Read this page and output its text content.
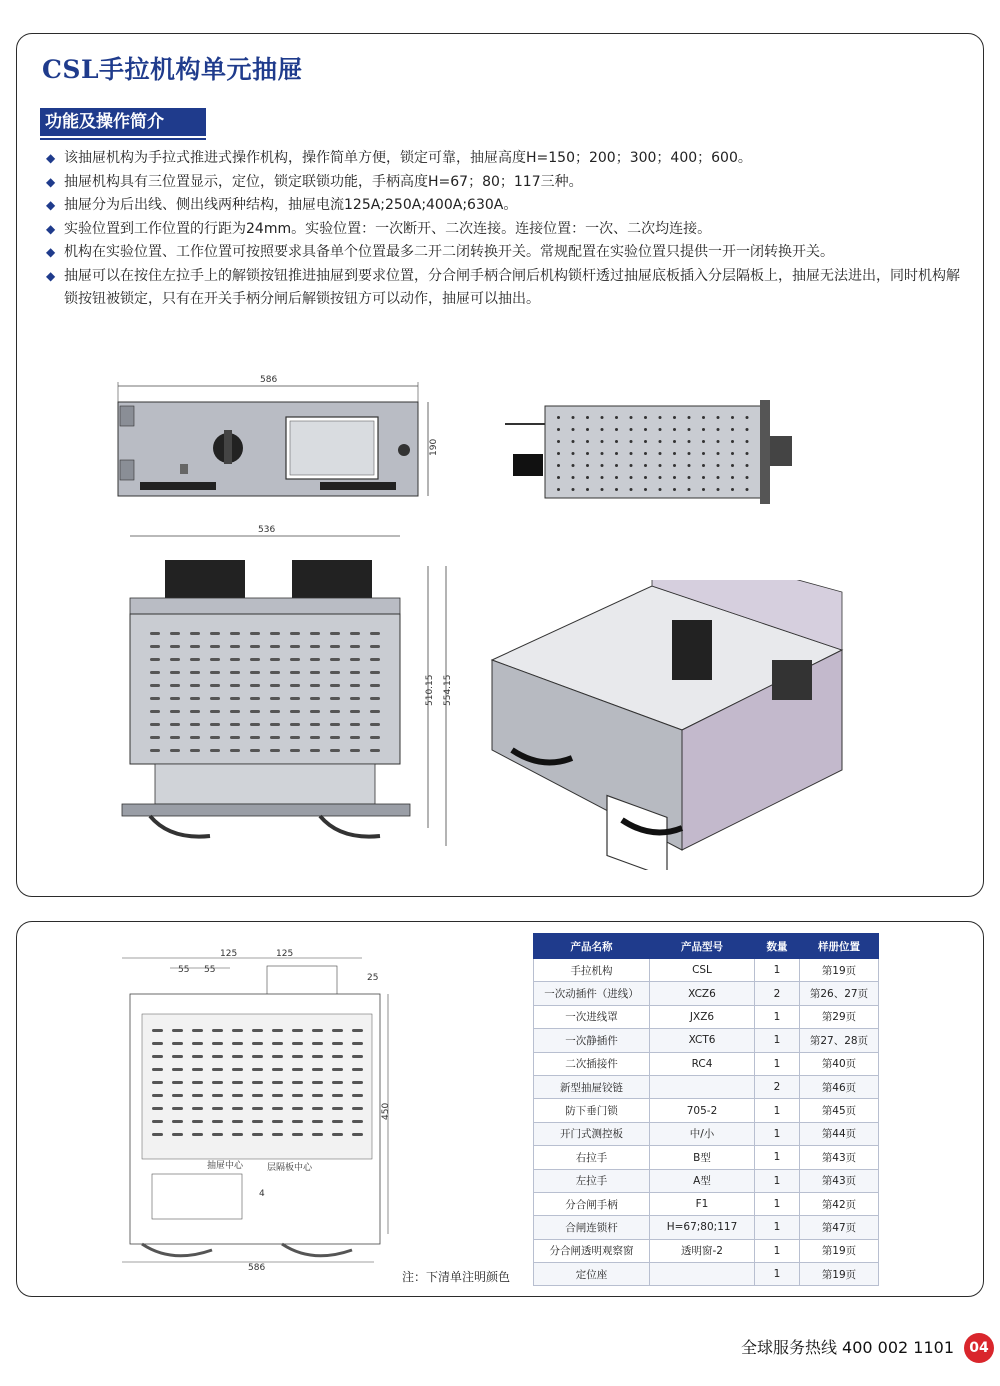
CSL手拉机构单元抽屉
功能及操作简介
◆ 该抽屉机构为手拉式推进式操作机构，操作简单方便，锁定可靠，抽屉高度H=150；200；300；400；600。
◆ 抽屉机构具有三位置显示，定位，锁定联锁功能，手柄高度H=67；80；117三种。
◆ 抽屉分为后出线、侧出线两种结构，抽屉电流125A;250A;400A;630A。
◆ 实验位置到工作位置的行距为24mm。实验位置：一次断开、二次连接。连接位置：一次、二次均连接。
◆ 机构在实验位置、工作位置可按照要求具备单个位置最多二开二闭转换开关。常规配置在实验位置只提供一开一闭转换开关。
◆ 抽屉可以在按住左拉手上的解锁按钮推进抽屉到要求位置，分合闸手柄合闸后机构锁杆透过抽屉底板插入分层隔板上，抽屉无法进出，同时机构解锁按钮被锁定，只有在开关手柄分闸后解锁按钮方可以动作，抽屉可以抽出。
586
190
536
510.15 554.15
125	125
55 55
25
抽屉中心	层隔板中心
4
586
450
产品名称	产品型号	数量	样册位置
手拉机构	CSL	1	第19页
一次动插件（进线）	XCZ6	2	第26、27页
一次进线罩	JXZ6	1	第29页
一次静插件	XCT6	1	第27、28页
二次插接件	RC4	1	第40页
新型抽屉铰链		2	第46页
防下垂门锁	705-2	1	第45页
开门式测控板	中/小	1	第44页
右拉手	B型	1	第43页
左拉手	A型	1	第43页
分合闸手柄	F1	1	第42页
合闸连锁杆	H=67;80;117	1	第47页
分合闸透明观察窗	透明窗-2	1	第19页
定位座		1	第19页
注：下清单注明颜色
全球服务热线 400 002 1101	04
